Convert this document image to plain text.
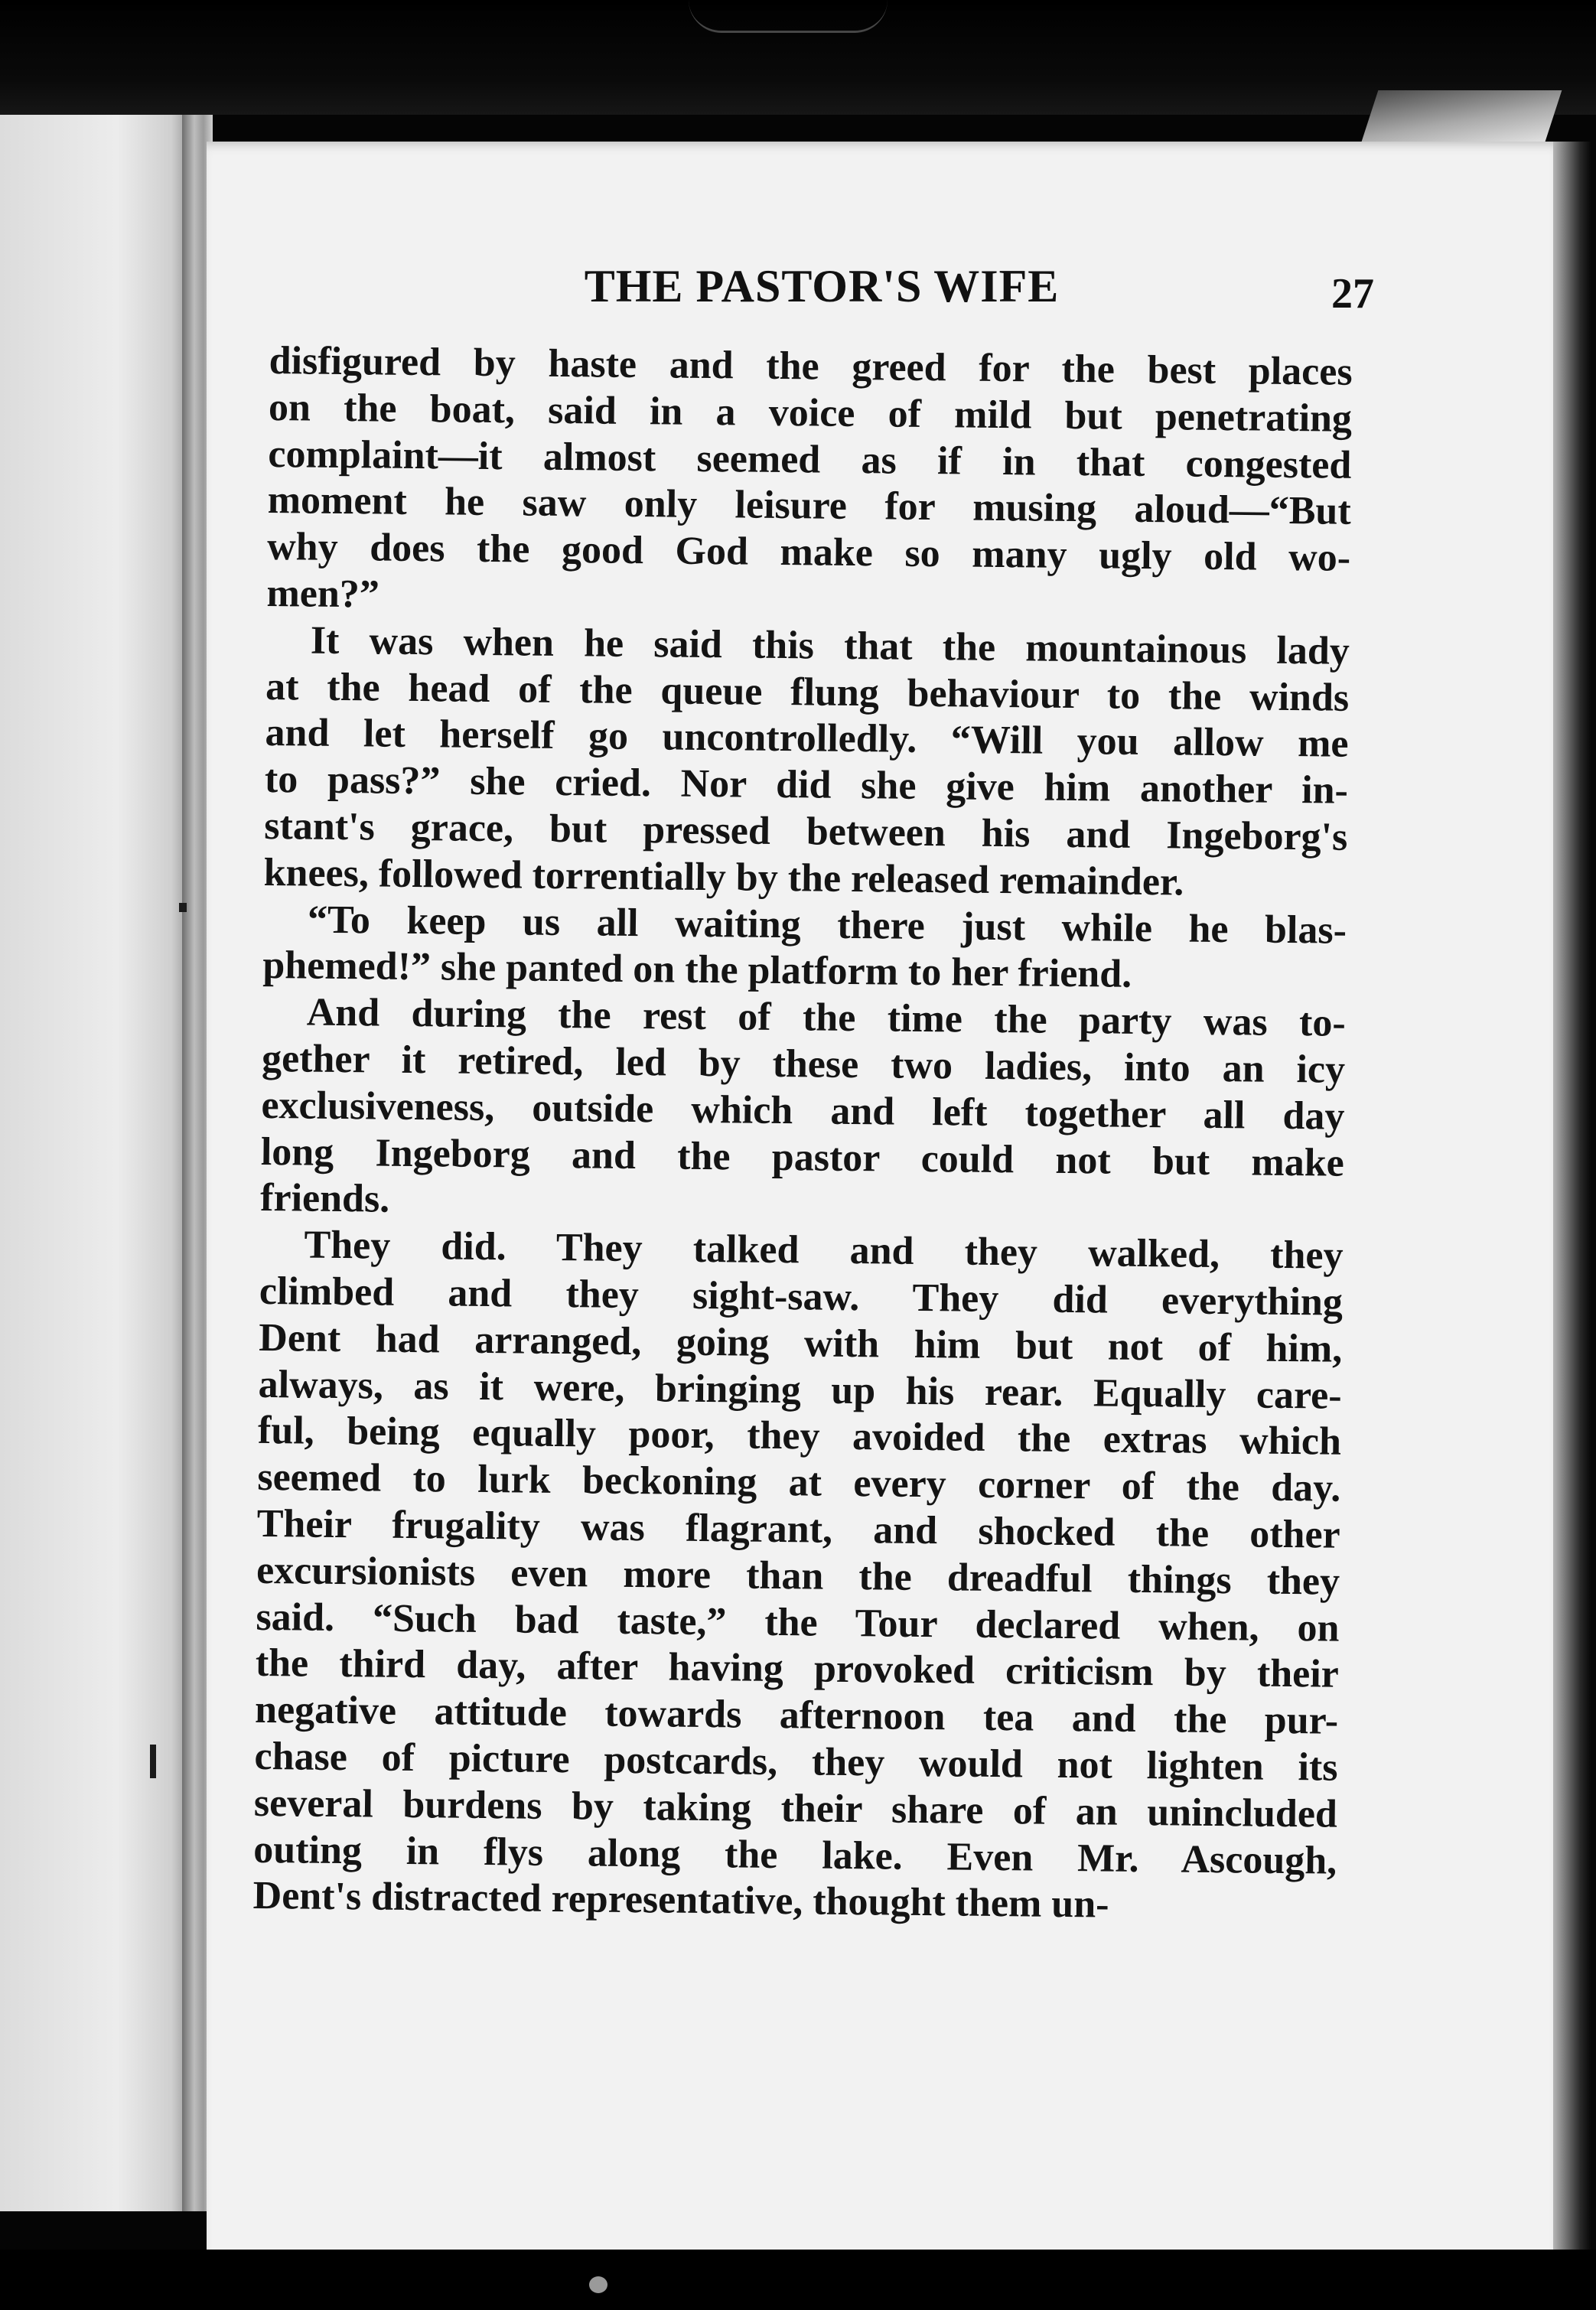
THE PASTOR'S WIFE	27
disfigured by haste and the greed for the best places
on the boat, said in a voice of mild but penetrating
complaint—it almost seemed as if in that congested
moment he saw only leisure for musing aloud—“But
why does the good God make so many ugly old wo-
men?”
It was when he said this that the mountainous lady
at the head of the queue flung behaviour to the winds
and let herself go uncontrolledly. “Will you allow me
to pass?” she cried. Nor did she give him another in-
stant's grace, but pressed between his and Ingeborg's
knees, followed torrentially by the released remainder.
“To keep us all waiting there just while he blas-
phemed!” she panted on the platform to her friend.
And during the rest of the time the party was to-
gether it retired, led by these two ladies, into an icy
exclusiveness, outside which and left together all day
long Ingeborg and the pastor could not but make
friends.
They did. They talked and they walked, they
climbed and they sight-saw. They did everything
Dent had arranged, going with him but not of him,
always, as it were, bringing up his rear. Equally care-
ful, being equally poor, they avoided the extras which
seemed to lurk beckoning at every corner of the day.
Their frugality was flagrant, and shocked the other
excursionists even more than the dreadful things they
said. “Such bad taste,” the Tour declared when, on
the third day, after having provoked criticism by their
negative attitude towards afternoon tea and the pur-
chase of picture postcards, they would not lighten its
several burdens by taking their share of an unincluded
outing in flys along the lake. Even Mr. Ascough,
Dent's distracted representative, thought them un-
